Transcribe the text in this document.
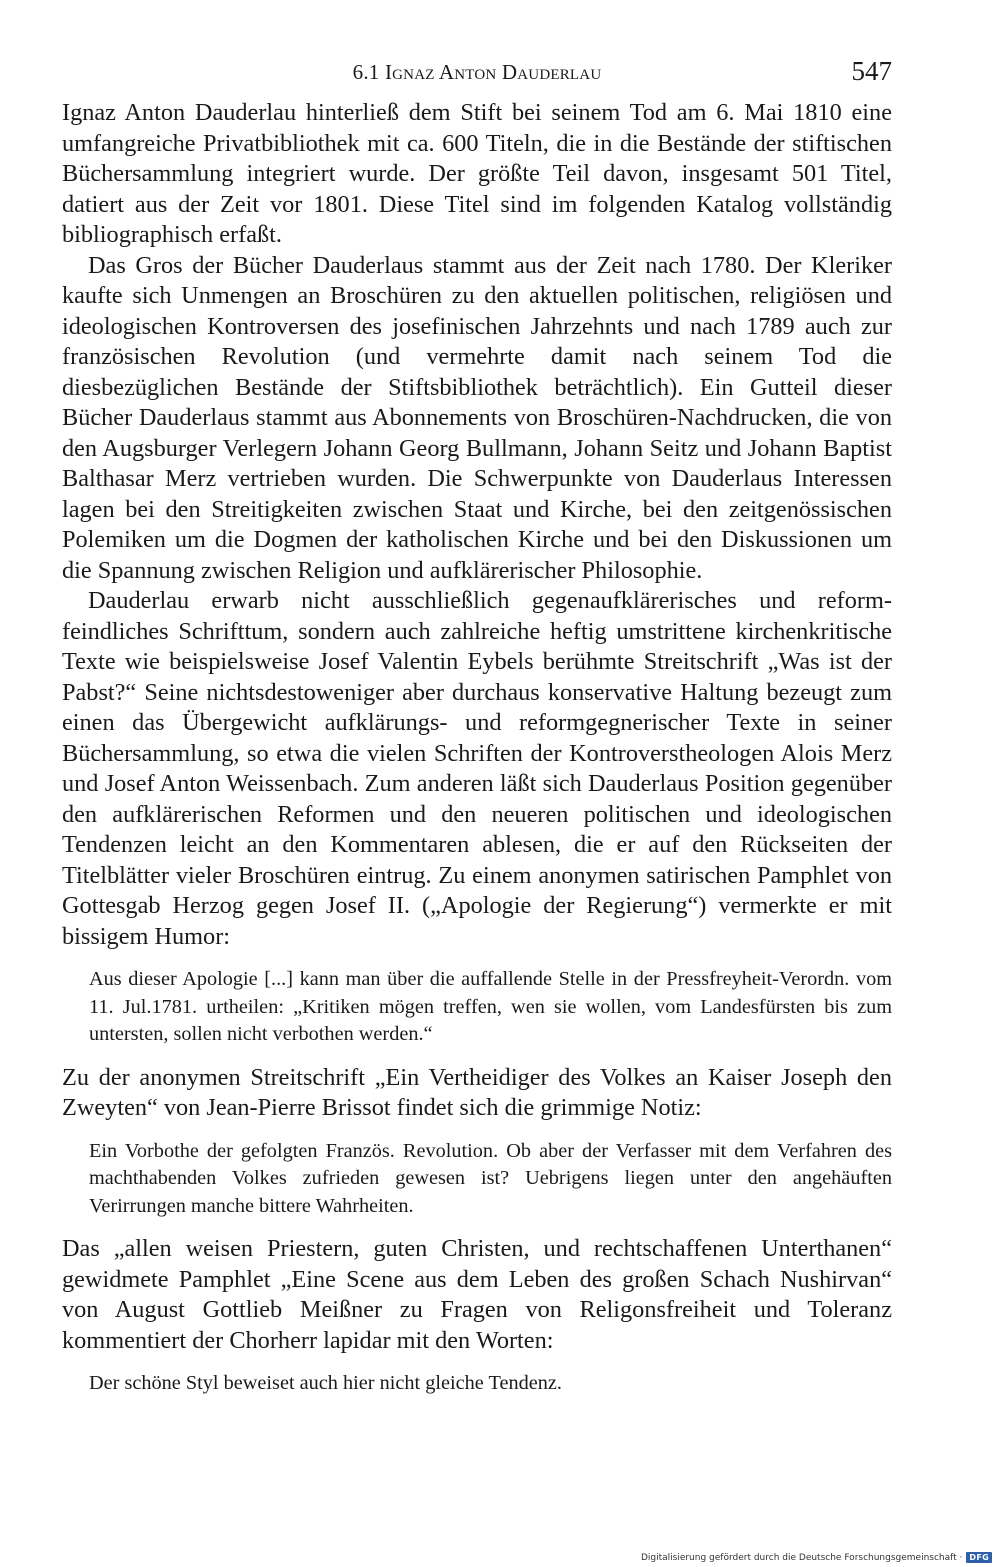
6.1 Ignaz Anton Dauderlau	547

Ignaz Anton Dauderlau hinterließ dem Stift bei seinem Tod am 6. Mai 1810 eine umfangreiche Privatbibliothek mit ca. 600 Titeln, die in die Bestände der stiftischen Büchersammlung integriert wurde. Der größte Teil davon, insgesamt 501 Titel, datiert aus der Zeit vor 1801. Diese Titel sind im folgenden Katalog vollständig bibliographisch erfaßt.

Das Gros der Bücher Dauderlaus stammt aus der Zeit nach 1780. Der Kleriker kaufte sich Unmengen an Broschüren zu den aktuellen politischen, religiösen und ideologischen Kontroversen des josefinischen Jahrzehnts und nach 1789 auch zur französischen Revolution (und vermehrte damit nach seinem Tod die diesbezüglichen Bestände der Stiftsbibliothek beträchtlich). Ein Gutteil dieser Bücher Dauderlaus stammt aus Abonnements von Broschüren-Nachdrucken, die von den Augsburger Verlegern Johann Georg Bullmann, Johann Seitz und Johann Baptist Balthasar Merz vertrieben wurden. Die Schwerpunkte von Dauderlaus Interessen lagen bei den Streitigkeiten zwischen Staat und Kirche, bei den zeitgenössischen Polemiken um die Dogmen der katholischen Kirche und bei den Diskussionen um die Spannung zwischen Religion und aufklärerischer Philosophie.

Dauderlau erwarb nicht ausschließlich gegenaufklärerisches und reformfeindliches Schrifttum, sondern auch zahlreiche heftig umstrittene kirchenkritische Texte wie beispielsweise Josef Valentin Eybels berühmte Streitschrift „Was ist der Pabst?“ Seine nichtsdestoweniger aber durchaus konservative Haltung bezeugt zum einen das Übergewicht aufklärungs- und reformgegnerischer Texte in seiner Büchersammlung, so etwa die vielen Schriften der Kontroverstheologen Alois Merz und Josef Anton Weissenbach. Zum anderen läßt sich Dauderlaus Position gegenüber den aufklärerischen Reformen und den neueren politischen und ideologischen Tendenzen leicht an den Kommentaren ablesen, die er auf den Rückseiten der Titelblätter vieler Broschüren eintrug. Zu einem anonymen satirischen Pamphlet von Gottesgab Herzog gegen Josef II. („Apologie der Regierung“) vermerkte er mit bissigem Humor:

Aus dieser Apologie [...] kann man über die auffallende Stelle in der Pressfreyheit-Verordn. vom 11. Jul.1781. urtheilen: „Kritiken mögen treffen, wen sie wollen, vom Landesfürsten bis zum untersten, sollen nicht verbothen werden.“

Zu der anonymen Streitschrift „Ein Vertheidiger des Volkes an Kaiser Joseph den Zweyten“ von Jean-Pierre Brissot findet sich die grimmige Notiz:

Ein Vorbothe der gefolgten Französ. Revolution. Ob aber der Verfasser mit dem Verfahren des machthabenden Volkes zufrieden gewesen ist? Uebrigens liegen unter den angehäuften Verirrungen manche bittere Wahrheiten.

Das „allen weisen Priestern, guten Christen, und rechtschaffenen Unterthanen“ gewidmete Pamphlet „Eine Scene aus dem Leben des großen Schach Nushirvan“ von August Gottlieb Meißner zu Fragen von Religonsfreiheit und Toleranz kommentiert der Chorherr lapidar mit den Worten:

Der schöne Styl beweiset auch hier nicht gleiche Tendenz.

Digitalisierung gefördert durch die Deutsche Forschungsgemeinschaft · DFG
